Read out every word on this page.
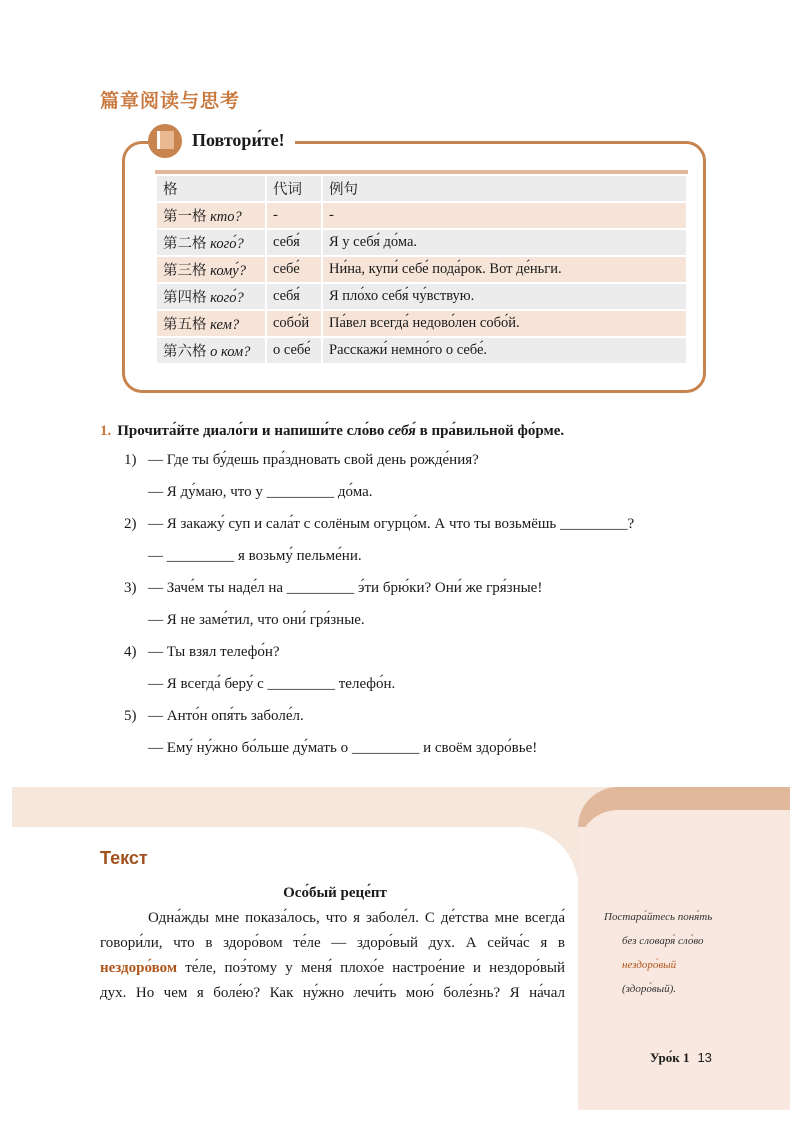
篇章阅读与思考
Повтори́те!
格	代词	例句
第一格 кто?	-	-
第二格 кого́?	себя́	Я у себя́ до́ма.
第三格 кому́?	себе́	Ни́на, купи́ себе́ пода́рок. Вот де́ньги.
第四格 кого́?	себя́	Я пло́хо себя́ чу́вствую.
第五格 кем?	собо́й	Па́вел всегда́ недово́лен собо́й.
第六格 о ком?	о себе́	Расскажи́ немно́го о себе́.
1. Прочита́йте диало́ги и напиши́те сло́во себя́ в пра́вильной фо́рме.
1) — Где ты бу́дешь пра́здновать свой день рожде́ния?
— Я ду́маю, что у _________ до́ма.
2) — Я закажу́ суп и сала́т с солёным огурцо́м. А что ты возьмёшь _________?
— _________ я возьму́ пельме́ни.
3) — Заче́м ты наде́л на _________ э́ти брю́ки? Они́ же гря́зные!
— Я не заме́тил, что они́ гря́зные.
4) — Ты взял телефо́н?
— Я всегда́ беру́ с _________ телефо́н.
5) — Анто́н опя́ть заболе́л.
— Ему́ ну́жно бо́льше ду́мать о _________ и своём здоро́вье!
Текст
Осо́бый реце́пт
Одна́жды мне показа́лось, что я заболе́л. С де́тства мне всегда́
говори́ли, что в здоро́вом те́ле — здоро́вый дух. А сейча́с я в
нездоро́вом те́ле, поэ́тому у меня́ плохо́е настрое́ние и нездоро́вый
дух. Но чем я боле́ю? Как ну́жно лечи́ть мою́ боле́знь? Я на́чал
Постара́йтесь поня́ть
без словаря́ сло́во
нездоро́вый
(здоро́вый).
Уро́к 1 13
